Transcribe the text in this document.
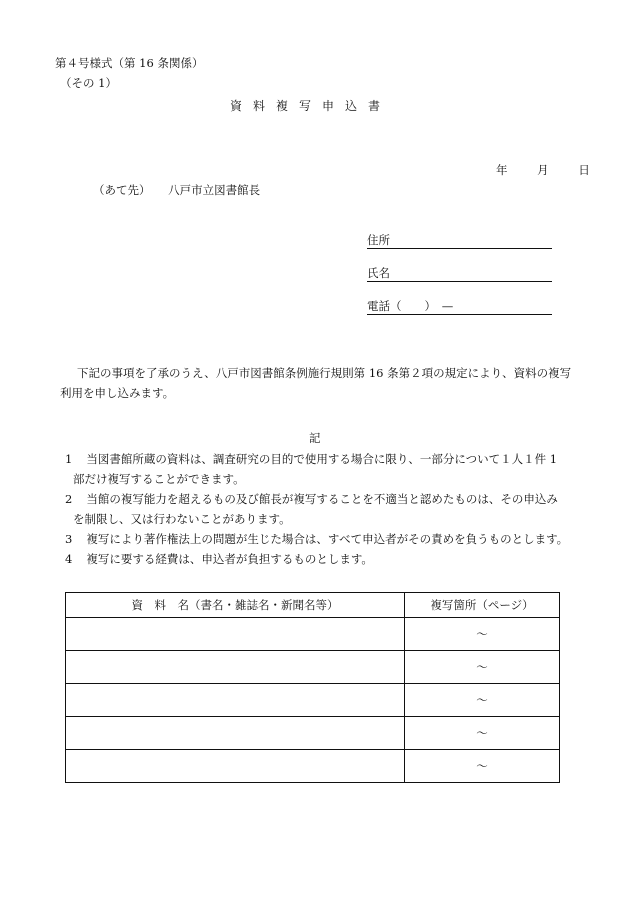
第４号様式（第 16 条関係）
（その 1）
資料複写申込書
年	月	日
（あて先） 八戸市立図書館長
住所
氏名
電話（　　）　—
下記の事項を了承のうえ、八戸市図書館条例施行規則第 16 条第２項の規定により、資料の複写
利用を申し込みます。
記
1 当図書館所蔵の資料は、調査研究の目的で使用する場合に限り、一部分について１人１件 1
部だけ複写することができます。
2 当館の複写能力を超えるもの及び館長が複写することを不適当と認めたものは、その申込み
を制限し、又は行わないことがあります。
3 複写により著作権法上の問題が生じた場合は、すべて申込者がその責めを負うものとします。
4 複写に要する経費は、申込者が負担するものとします。
資　料　名（書名・雑誌名・新聞名等）	複写箇所（ページ）
	～
	～
	～
	～
	～
